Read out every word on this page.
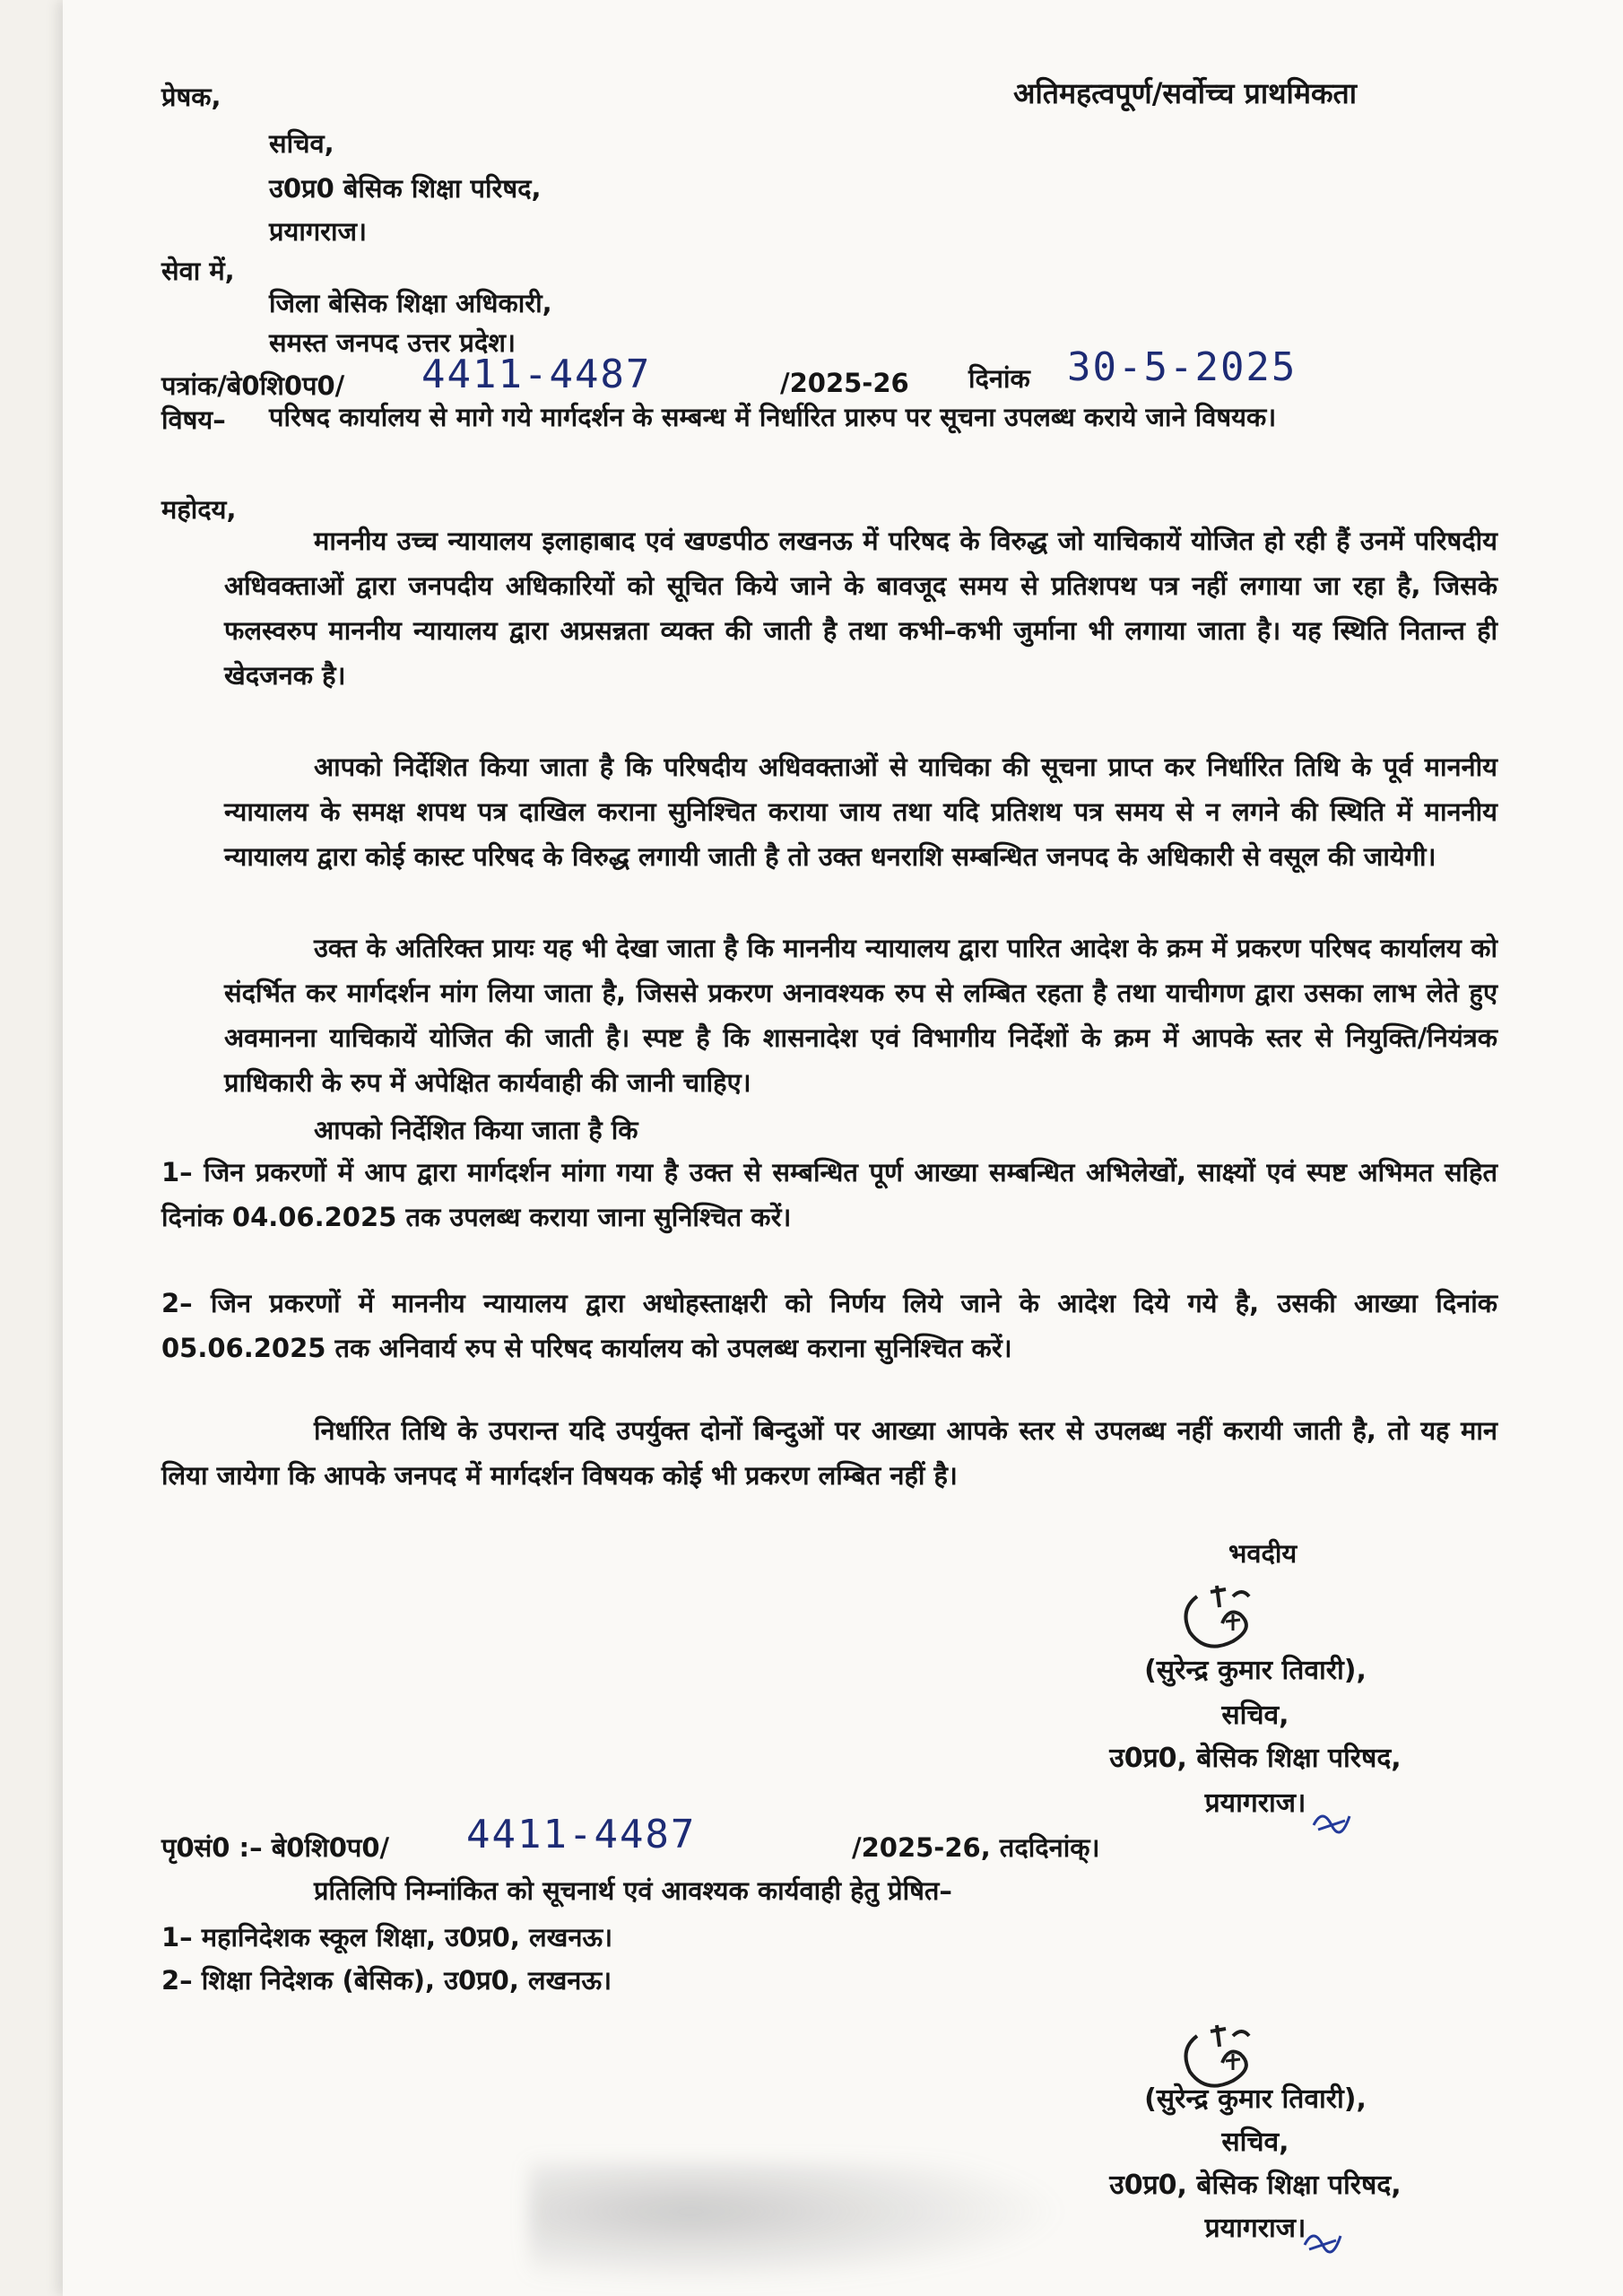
प्रेषक,	अतिमहत्वपूर्ण/सर्वोच्च प्राथमिकता
सचिव,
उ0प्र0 बेसिक शिक्षा परिषद,
प्रयागराज।
सेवा में,
जिला बेसिक शिक्षा अधिकारी,
समस्त जनपद उत्तर प्रदेश।
पत्रांक/बे0शि0प0/ 4411-4487	/2025-26 दिनांक 30-5-2025
विषय– परिषद कार्यालय से मागे गये मार्गदर्शन के सम्बन्ध में निर्धारित प्रारुप पर सूचना उपलब्ध कराये जाने विषयक।
महोदय,
माननीय उच्च न्यायालय इलाहाबाद एवं खण्डपीठ लखनऊ में परिषद के विरुद्ध जो याचिकायें योजित हो रही हैं उनमें परिषदीय अधिवक्ताओं द्वारा जनपदीय अधिकारियों को सूचित किये जाने के बावजूद समय से प्रतिशपथ पत्र नहीं लगाया जा रहा है, जिसके फलस्वरुप माननीय न्यायालय द्वारा अप्रसन्नता व्यक्त की जाती है तथा कभी–कभी जुर्माना भी लगाया जाता है। यह स्थिति नितान्त ही खेदजनक है।
आपको निर्देशित किया जाता है कि परिषदीय अधिवक्ताओं से याचिका की सूचना प्राप्त कर निर्धारित तिथि के पूर्व माननीय न्यायालय के समक्ष शपथ पत्र दाखिल कराना सुनिश्चित कराया जाय तथा यदि प्रतिशथ पत्र समय से न लगने की स्थिति में माननीय न्यायालय द्वारा कोई कास्ट परिषद के विरुद्ध लगायी जाती है तो उक्त धनराशि सम्बन्धित जनपद के अधिकारी से वसूल की जायेगी।
उक्त के अतिरिक्त प्रायः यह भी देखा जाता है कि माननीय न्यायालय द्वारा पारित आदेश के क्रम में प्रकरण परिषद कार्यालय को संदर्भित कर मार्गदर्शन मांग लिया जाता है, जिससे प्रकरण अनावश्यक रुप से लम्बित रहता है तथा याचीगण द्वारा उसका लाभ लेते हुए अवमानना याचिकायें योजित की जाती है। स्पष्ट है कि शासनादेश एवं विभागीय निर्देशों के क्रम में आपके स्तर से नियुक्ति/नियंत्रक प्राधिकारी के रुप में अपेक्षित कार्यवाही की जानी चाहिए।
आपको निर्देशित किया जाता है कि
1– जिन प्रकरणों में आप द्वारा मार्गदर्शन मांगा गया है उक्त से सम्बन्धित पूर्ण आख्या सम्बन्धित अभिलेखों, साक्ष्यों एवं स्पष्ट अभिमत सहित दिनांक 04.06.2025 तक उपलब्ध कराया जाना सुनिश्चित करें।
2– जिन प्रकरणों में माननीय न्यायालय द्वारा अधोहस्ताक्षरी को निर्णय लिये जाने के आदेश दिये गये है, उसकी आख्या दिनांक 05.06.2025 तक अनिवार्य रुप से परिषद कार्यालय को उपलब्ध कराना सुनिश्चित करें।
निर्धारित तिथि के उपरान्त यदि उपर्युक्त दोनों बिन्दुओं पर आख्या आपके स्तर से उपलब्ध नहीं करायी जाती है, तो यह मान लिया जायेगा कि आपके जनपद में मार्गदर्शन विषयक कोई भी प्रकरण लम्बित नहीं है।
भवदीय
(सुरेन्द्र कुमार तिवारी),
सचिव,
उ0प्र0, बेसिक शिक्षा परिषद,
प्रयागराज।
पृ0सं0 :– बे0शि0प0/ 4411-4487	/2025-26, तददिनांक्।
प्रतिलिपि निम्नांकित को सूचनार्थ एवं आवश्यक कार्यवाही हेतु प्रेषित–
1– महानिदेशक स्कूल शिक्षा, उ0प्र0, लखनऊ।
2– शिक्षा निदेशक (बेसिक), उ0प्र0, लखनऊ।
(सुरेन्द्र कुमार तिवारी),
सचिव,
उ0प्र0, बेसिक शिक्षा परिषद,
प्रयागराज।
